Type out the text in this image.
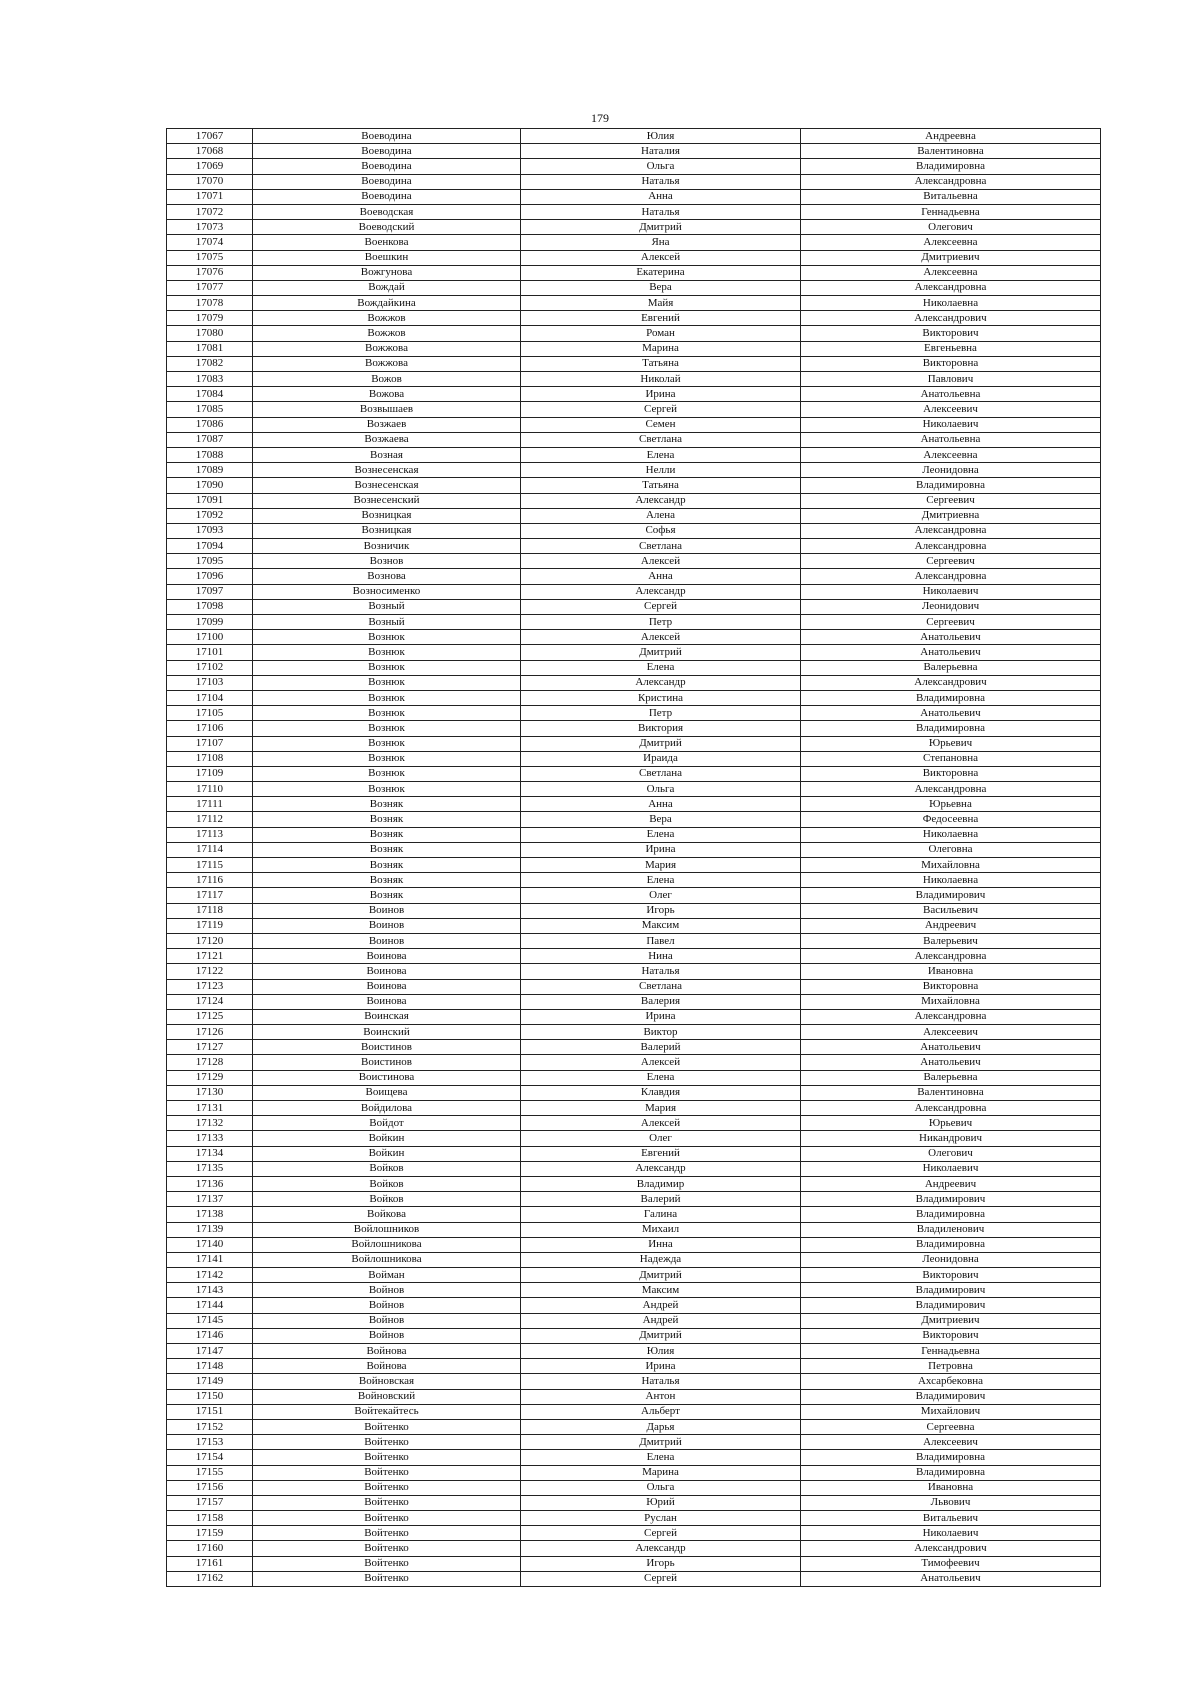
179
17067	Воеводина	Юлия	Андреевна
17068	Воеводина	Наталия	Валентиновна
17069	Воеводина	Ольга	Владимировна
17070	Воеводина	Наталья	Александровна
17071	Воеводина	Анна	Витальевна
17072	Воеводская	Наталья	Геннадьевна
17073	Воеводский	Дмитрий	Олегович
17074	Военкова	Яна	Алексеевна
17075	Воешкин	Алексей	Дмитриевич
17076	Вожгунова	Екатерина	Алексеевна
17077	Вождай	Вера	Александровна
17078	Вождайкина	Майя	Николаевна
17079	Вожжов	Евгений	Александрович
17080	Вожжов	Роман	Викторович
17081	Вожжова	Марина	Евгеньевна
17082	Вожжова	Татьяна	Викторовна
17083	Вожов	Николай	Павлович
17084	Вожова	Ирина	Анатольевна
17085	Возвышаев	Сергей	Алексеевич
17086	Возжаев	Семен	Николаевич
17087	Возжаева	Светлана	Анатольевна
17088	Возная	Елена	Алексеевна
17089	Вознесенская	Нелли	Леонидовна
17090	Вознесенская	Татьяна	Владимировна
17091	Вознесенский	Александр	Сергеевич
17092	Возницкая	Алена	Дмитриевна
17093	Возницкая	Софья	Александровна
17094	Возничик	Светлана	Александровна
17095	Вознов	Алексей	Сергеевич
17096	Вознова	Анна	Александровна
17097	Возносименко	Александр	Николаевич
17098	Возный	Сергей	Леонидович
17099	Возный	Петр	Сергеевич
17100	Вознюк	Алексей	Анатольевич
17101	Вознюк	Дмитрий	Анатольевич
17102	Вознюк	Елена	Валерьевна
17103	Вознюк	Александр	Александрович
17104	Вознюк	Кристина	Владимировна
17105	Вознюк	Петр	Анатольевич
17106	Вознюк	Виктория	Владимировна
17107	Вознюк	Дмитрий	Юрьевич
17108	Вознюк	Ираида	Степановна
17109	Вознюк	Светлана	Викторовна
17110	Вознюк	Ольга	Александровна
17111	Возняк	Анна	Юрьевна
17112	Возняк	Вера	Федосеевна
17113	Возняк	Елена	Николаевна
17114	Возняк	Ирина	Олеговна
17115	Возняк	Мария	Михайловна
17116	Возняк	Елена	Николаевна
17117	Возняк	Олег	Владимирович
17118	Воинов	Игорь	Васильевич
17119	Воинов	Максим	Андреевич
17120	Воинов	Павел	Валерьевич
17121	Воинова	Нина	Александровна
17122	Воинова	Наталья	Ивановна
17123	Воинова	Светлана	Викторовна
17124	Воинова	Валерия	Михайловна
17125	Воинская	Ирина	Александровна
17126	Воинский	Виктор	Алексеевич
17127	Воистинов	Валерий	Анатольевич
17128	Воистинов	Алексей	Анатольевич
17129	Воистинова	Елена	Валерьевна
17130	Воищева	Клавдия	Валентиновна
17131	Войдилова	Мария	Александровна
17132	Войдот	Алексей	Юрьевич
17133	Войкин	Олег	Никандрович
17134	Войкин	Евгений	Олегович
17135	Войков	Александр	Николаевич
17136	Войков	Владимир	Андреевич
17137	Войков	Валерий	Владимирович
17138	Войкова	Галина	Владимировна
17139	Войлошников	Михаил	Владиленович
17140	Войлошникова	Инна	Владимировна
17141	Войлошникова	Надежда	Леонидовна
17142	Войман	Дмитрий	Викторович
17143	Войнов	Максим	Владимирович
17144	Войнов	Андрей	Владимирович
17145	Войнов	Андрей	Дмитриевич
17146	Войнов	Дмитрий	Викторович
17147	Войнова	Юлия	Геннадьевна
17148	Войнова	Ирина	Петровна
17149	Войновская	Наталья	Ахсарбековна
17150	Войновский	Антон	Владимирович
17151	Войтекайтесь	Альберт	Михайлович
17152	Войтенко	Дарья	Сергеевна
17153	Войтенко	Дмитрий	Алексеевич
17154	Войтенко	Елена	Владимировна
17155	Войтенко	Марина	Владимировна
17156	Войтенко	Ольга	Ивановна
17157	Войтенко	Юрий	Львович
17158	Войтенко	Руслан	Витальевич
17159	Войтенко	Сергей	Николаевич
17160	Войтенко	Александр	Александрович
17161	Войтенко	Игорь	Тимофеевич
17162	Войтенко	Сергей	Анатольевич
